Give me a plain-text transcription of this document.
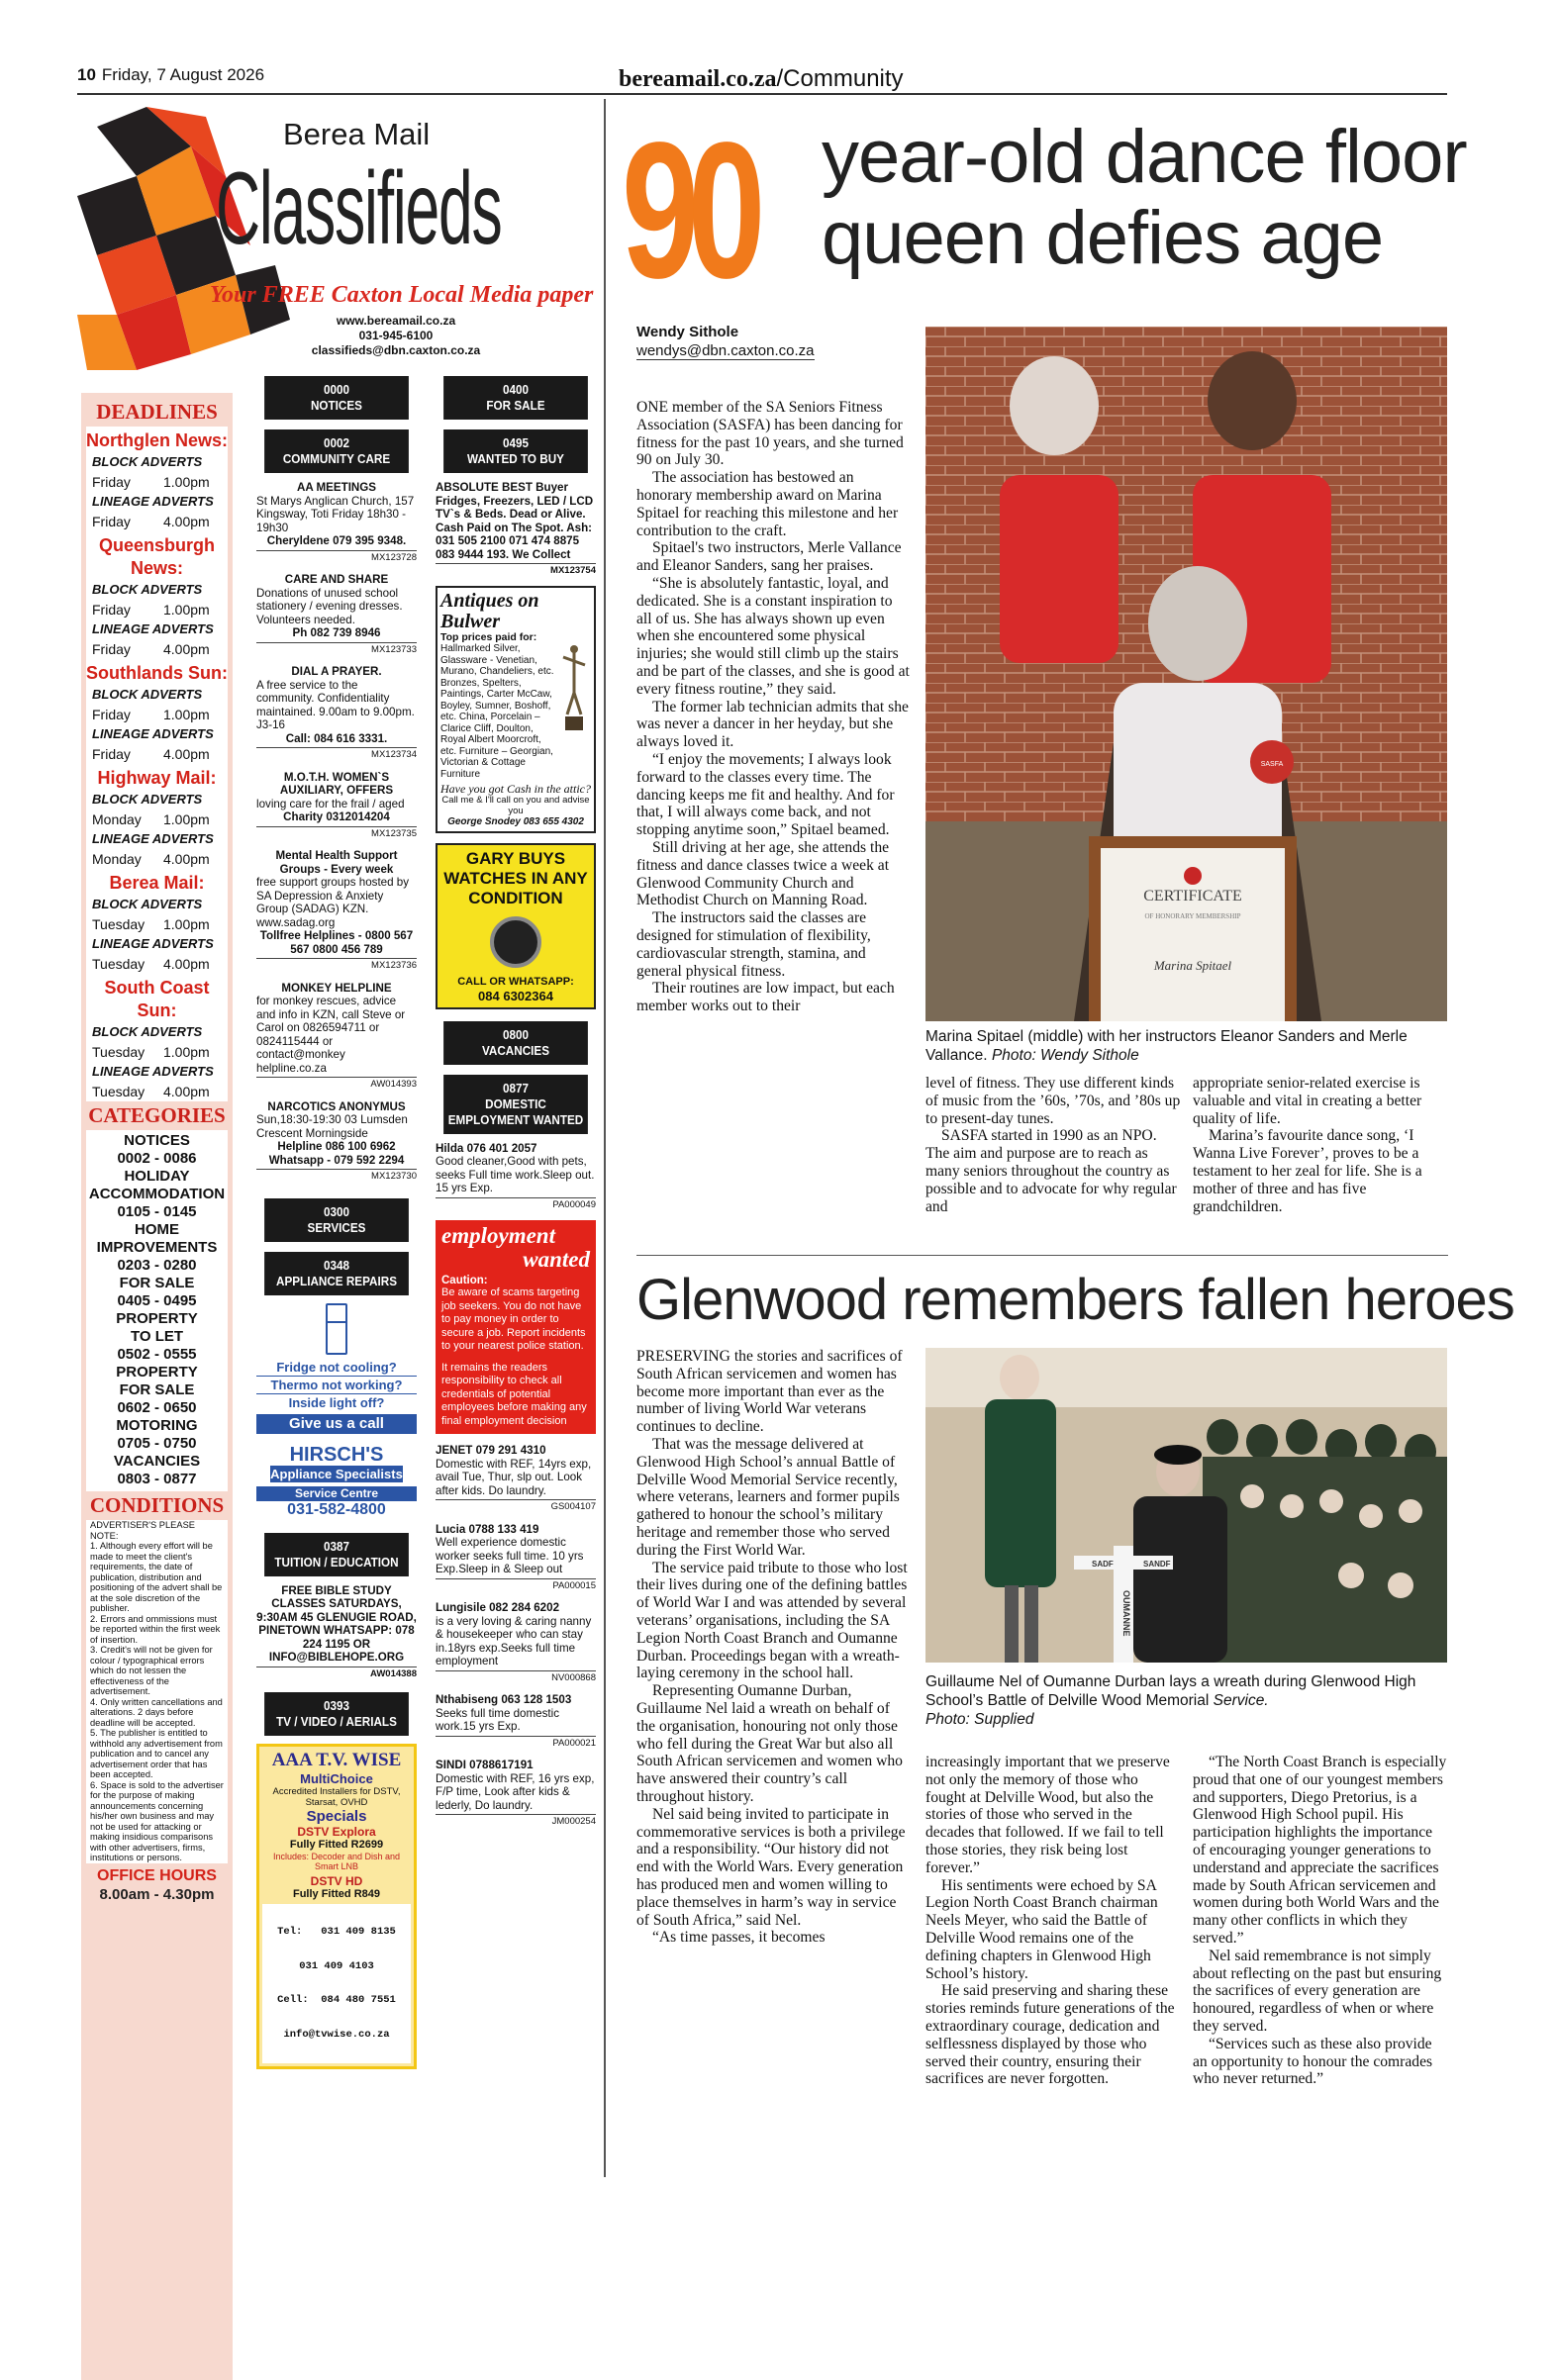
10 Friday, 7 August 2026	bereamail.co.za/Community
Berea Mail
Classifieds
Your FREE Caxton Local Media paper
www.bereamail.co.za
031-945-6100
classifieds@dbn.caxton.co.za
DEADLINES
Northglen News:
BLOCK ADVERTS
Friday 1.00pm
LINEAGE ADVERTS
Friday 4.00pm
Queensburgh News:
BLOCK ADVERTS
Friday 1.00pm
LINEAGE ADVERTS
Friday 4.00pm
Southlands Sun:
BLOCK ADVERTS
Friday 1.00pm
LINEAGE ADVERTS
Friday 4.00pm
Highway Mail:
BLOCK ADVERTS
Monday 1.00pm
LINEAGE ADVERTS
Monday 4.00pm
Berea Mail:
BLOCK ADVERTS
Tuesday 1.00pm
LINEAGE ADVERTS
Tuesday 4.00pm
South Coast Sun:
BLOCK ADVERTS
Tuesday 1.00pm
LINEAGE ADVERTS
Tuesday 4.00pm
CATEGORIES
NOTICES
0002 - 0086
HOLIDAY
ACCOMMODATION
0105 - 0145
HOME
IMPROVEMENTS
0203 - 0280
FOR SALE
0405 - 0495
PROPERTY
TO LET
0502 - 0555
PROPERTY
FOR SALE
0602 - 0650
MOTORING
0705 - 0750
VACANCIES
0803 - 0877
CONDITIONS
ADVERTISER'S PLEASE NOTE:
1. Although every effort will be made to meet the client's requirements, the date of publication, distribution and positioning of the advert shall be at the sole discretion of the publisher.
2. Errors and ommissions must be reported within the first week of insertion.
3. Credit's will not be given for colour / typographical errors which do not lessen the effectiveness of the advertisement.
4. Only written cancellations and alterations. 2 days before deadline will be accepted.
5. The publisher is entitled to withhold any advertisement from publication and to cancel any advertisement order that has been accepted.
6. Space is sold to the advertiser for the purpose of making announcements concerning his/her own business and may not be used for attacking or making insidious comparisons with other advertisers, firms, institutions or persons.
OFFICE HOURS
8.00am - 4.30pm
0000
NOTICES
0002
COMMUNITY CARE
AA MEETINGS
St Marys Anglican Church, 157 Kingsway, Toti Friday 18h30 - 19h30
Cheryldene 079 395 9348.
MX123728
CARE AND SHARE
Donations of unused school stationery / evening dresses. Volunteers needed.
Ph 082 739 8946
MX123733
DIAL A PRAYER.
A free service to the community. Confidentiality maintained. 9.00am to 9.00pm. J3-16
Call: 084 616 3331.
MX123734
M.O.T.H. WOMEN`S AUXILIARY, OFFERS
loving care for the frail / aged
Charity 0312014204
MX123735
Mental Health Support Groups - Every week
free support groups hosted by SA Depression & Anxiety Group (SADAG) KZN. www.sadag.org
Tollfree Helplines - 0800 567 567 0800 456 789
MX123736
MONKEY HELPLINE
for monkey rescues, advice and info in KZN, call Steve or Carol on 0826594711 or 0824115444 or contact@monkey helpline.co.za
AW014393
NARCOTICS ANONYMUS
Sun,18:30-19:30 03 Lumsden Crescent Morningside
Helpline 086 100 6962 Whatsapp - 079 592 2294
MX123730
0300
SERVICES
0348
APPLIANCE REPAIRS
Fridge not cooling?
Thermo not working?
Inside light off?
Give us a call
HIRSCH'S
Appliance Specialists
Service Centre
031-582-4800
0387
TUITION / EDUCATION
FREE BIBLE STUDY CLASSES SATURDAYS, 9:30AM 45 GLENUGIE ROAD, PINETOWN WHATSAPP: 078 224 1195 OR INFO@BIBLEHOPE.ORG
AW014388
0393
TV / VIDEO / AERIALS
AAA T.V. WISE
MultiChoice
Accredited Installers for DSTV, Starsat, OVHD
Specials
DSTV Explora
Fully Fitted R2699
Includes: Decoder and Dish and Smart LNB
DSTV HD
Fully Fitted R849

Tel:   031 409 8135

031 409 4103

Cell:  084 480 7551

info@tvwise.co.za

0400
FOR SALE
0495
WANTED TO BUY
ABSOLUTE BEST Buyer Fridges, Freezers, LED / LCD TV`s & Beds. Dead or Alive. Cash Paid on The Spot. Ash: 031 505 2100 071 474 8875 083 9444 193. We Collect
MX123754
Antiques on Bulwer
Top prices paid for:
Hallmarked Silver, Glassware - Venetian, Murano, Chandeliers, etc. Bronzes, Spelters, Paintings, Carter McCaw, Boyley, Sumner, Boshoff, etc. China, Porcelain – Clarice Cliff, Doulton, Royal Albert Moorcroft, etc. Furniture – Georgian, Victorian & Cottage Furniture
Have you got Cash in the attic?
Call me & I'll call on you and advise you
George Snodey 083 655 4302
GARY BUYS WATCHES IN ANY CONDITION
CALL OR WHATSAPP:
084 6302364
0800
VACANCIES
0877
DOMESTIC EMPLOYMENT WANTED
Hilda 076 401 2057
Good cleaner,Good with pets, seeks Full time work.Sleep out. 15 yrs Exp.
PA000049
employment
wanted
Caution:
Be aware of scams targeting job seekers. You do not have to pay money in order to secure a job. Report incidents to your nearest police station.
It remains the readers responsibility to check all credentials of potential employees before making any final employment decision
JENET 079 291 4310
Domestic with REF, 14yrs exp, avail Tue, Thur, slp out. Look after kids. Do laundry.
GS004107
Lucia 0788 133 419
Well experience domestic worker seeks full time. 10 yrs Exp.Sleep in & Sleep out
PA000015
Lungisile 082 284 6202
is a very loving & caring nanny & housekeeper who can stay in.18yrs exp.Seeks full time employment
NV000868
Nthabiseng 063 128 1503
Seeks full time domestic work.15 yrs Exp.
PA000021
SINDI 0788617191
Domestic with REF, 16 yrs exp, F/P time, Look after kids & lederly, Do laundry.
JM000254
90 year-old dance floor
queen defies age
Wendy Sithole
wendys@dbn.caxton.co.za

ONE member of the SA Seniors Fitness Association (SASFA) has been dancing for fitness for the past 10 years, and she turned 90 on July 30.

The association has bestowed an honorary membership award on Marina Spitael for reaching this milestone and her contribution to the craft.

Spitael's two instructors, Merle Vallance and Eleanor Sanders, sang her praises.

“She is absolutely fantastic, loyal, and dedicated. She is a constant inspiration to all of us. She has always shown up even when she encountered some physical injuries; she would still climb up the stairs and be part of the classes, and she is good at every fitness routine,” they said.

The former lab technician admits that she was never a dancer in her heyday, but she always loved it.

“I enjoy the movements; I always look forward to the classes every time. The dancing keeps me fit and healthy. And for that, I will always come back, and not stopping anytime soon,” Spitael beamed.

Still driving at her age, she attends the fitness and dance classes twice a week at Glenwood Community Church and Methodist Church on Manning Road.

The instructors said the classes are designed for stimulation of flexibility, cardiovascular strength, stamina, and general physical fitness.

Their routines are low impact, but each member works out to their

CERTIFICATE
OF HONORARY MEMBERSHIP
Marina Spitael
SASFA
Marina Spitael (middle) with her instructors Eleanor Sanders and Merle Vallance. Photo: Wendy Sithole

level of fitness. They use different kinds of music from the ’60s, ’70s, and ’80s up to present-day tunes.

SASFA started in 1990 as an NPO. The aim and purpose are to reach as many seniors throughout the country as possible and to advocate for why regular and

appropriate senior-related exercise is valuable and vital in creating a better quality of life.

Marina’s favourite dance song, ‘I Wanna Live Forever’, proves to be a testament to her zeal for life. She is a mother of three and has five grandchildren.

Glenwood remembers fallen heroes

PRESERVING the stories and sacrifices of South African servicemen and women has become more important than ever as the number of living World War veterans continues to decline.

That was the message delivered at Glenwood High School’s annual Battle of Delville Wood Memorial Service recently, where veterans, learners and former pupils gathered to honour the school’s military heritage and remember those who served during the First World War.

The service paid tribute to those who lost their lives during one of the defining battles of World War I and was attended by several veterans’ organisations, including the SA Legion North Coast Branch and Oumanne Durban. Proceedings began with a wreath-laying ceremony in the school hall.

Representing Oumanne Durban, Guillaume Nel laid a wreath on behalf of the organisation, honouring not only those who fell during the Great War but also all South African servicemen and women who have answered their country’s call throughout history.

Nel said being invited to participate in commemorative services is both a privilege and a responsibility. “Our history did not end with the World Wars. Every generation has produced men and women willing to place themselves in harm’s way in service of South Africa,” said Nel.

“As time passes, it becomes

SADF	SANDF
OUMANNE
Guillaume Nel of Oumanne Durban lays a wreath during Glenwood High School’s Battle of Delville Wood Memorial Service.
Photo: Supplied

increasingly important that we preserve not only the memory of those who fought at Delville Wood, but also the stories of those who served in the decades that followed. If we fail to tell those stories, they risk being lost forever.”

His sentiments were echoed by SA Legion North Coast Branch chairman Neels Meyer, who said the Battle of Delville Wood remains one of the defining chapters in Glenwood High School’s history.

He said preserving and sharing these stories reminds future generations of the extraordinary courage, dedication and selflessness displayed by those who served their country, ensuring their sacrifices are never forgotten.

“The North Coast Branch is especially proud that one of our youngest members and supporters, Diego Pretorius, is a Glenwood High School pupil. His participation highlights the importance of encouraging younger generations to understand and appreciate the sacrifices made by South African servicemen and women during both World Wars and the many other conflicts in which they served.”

Nel said remembrance is not simply about reflecting on the past but ensuring the sacrifices of every generation are honoured, regardless of when or where they served.

“Services such as these also provide an opportunity to honour the comrades who never returned.”
